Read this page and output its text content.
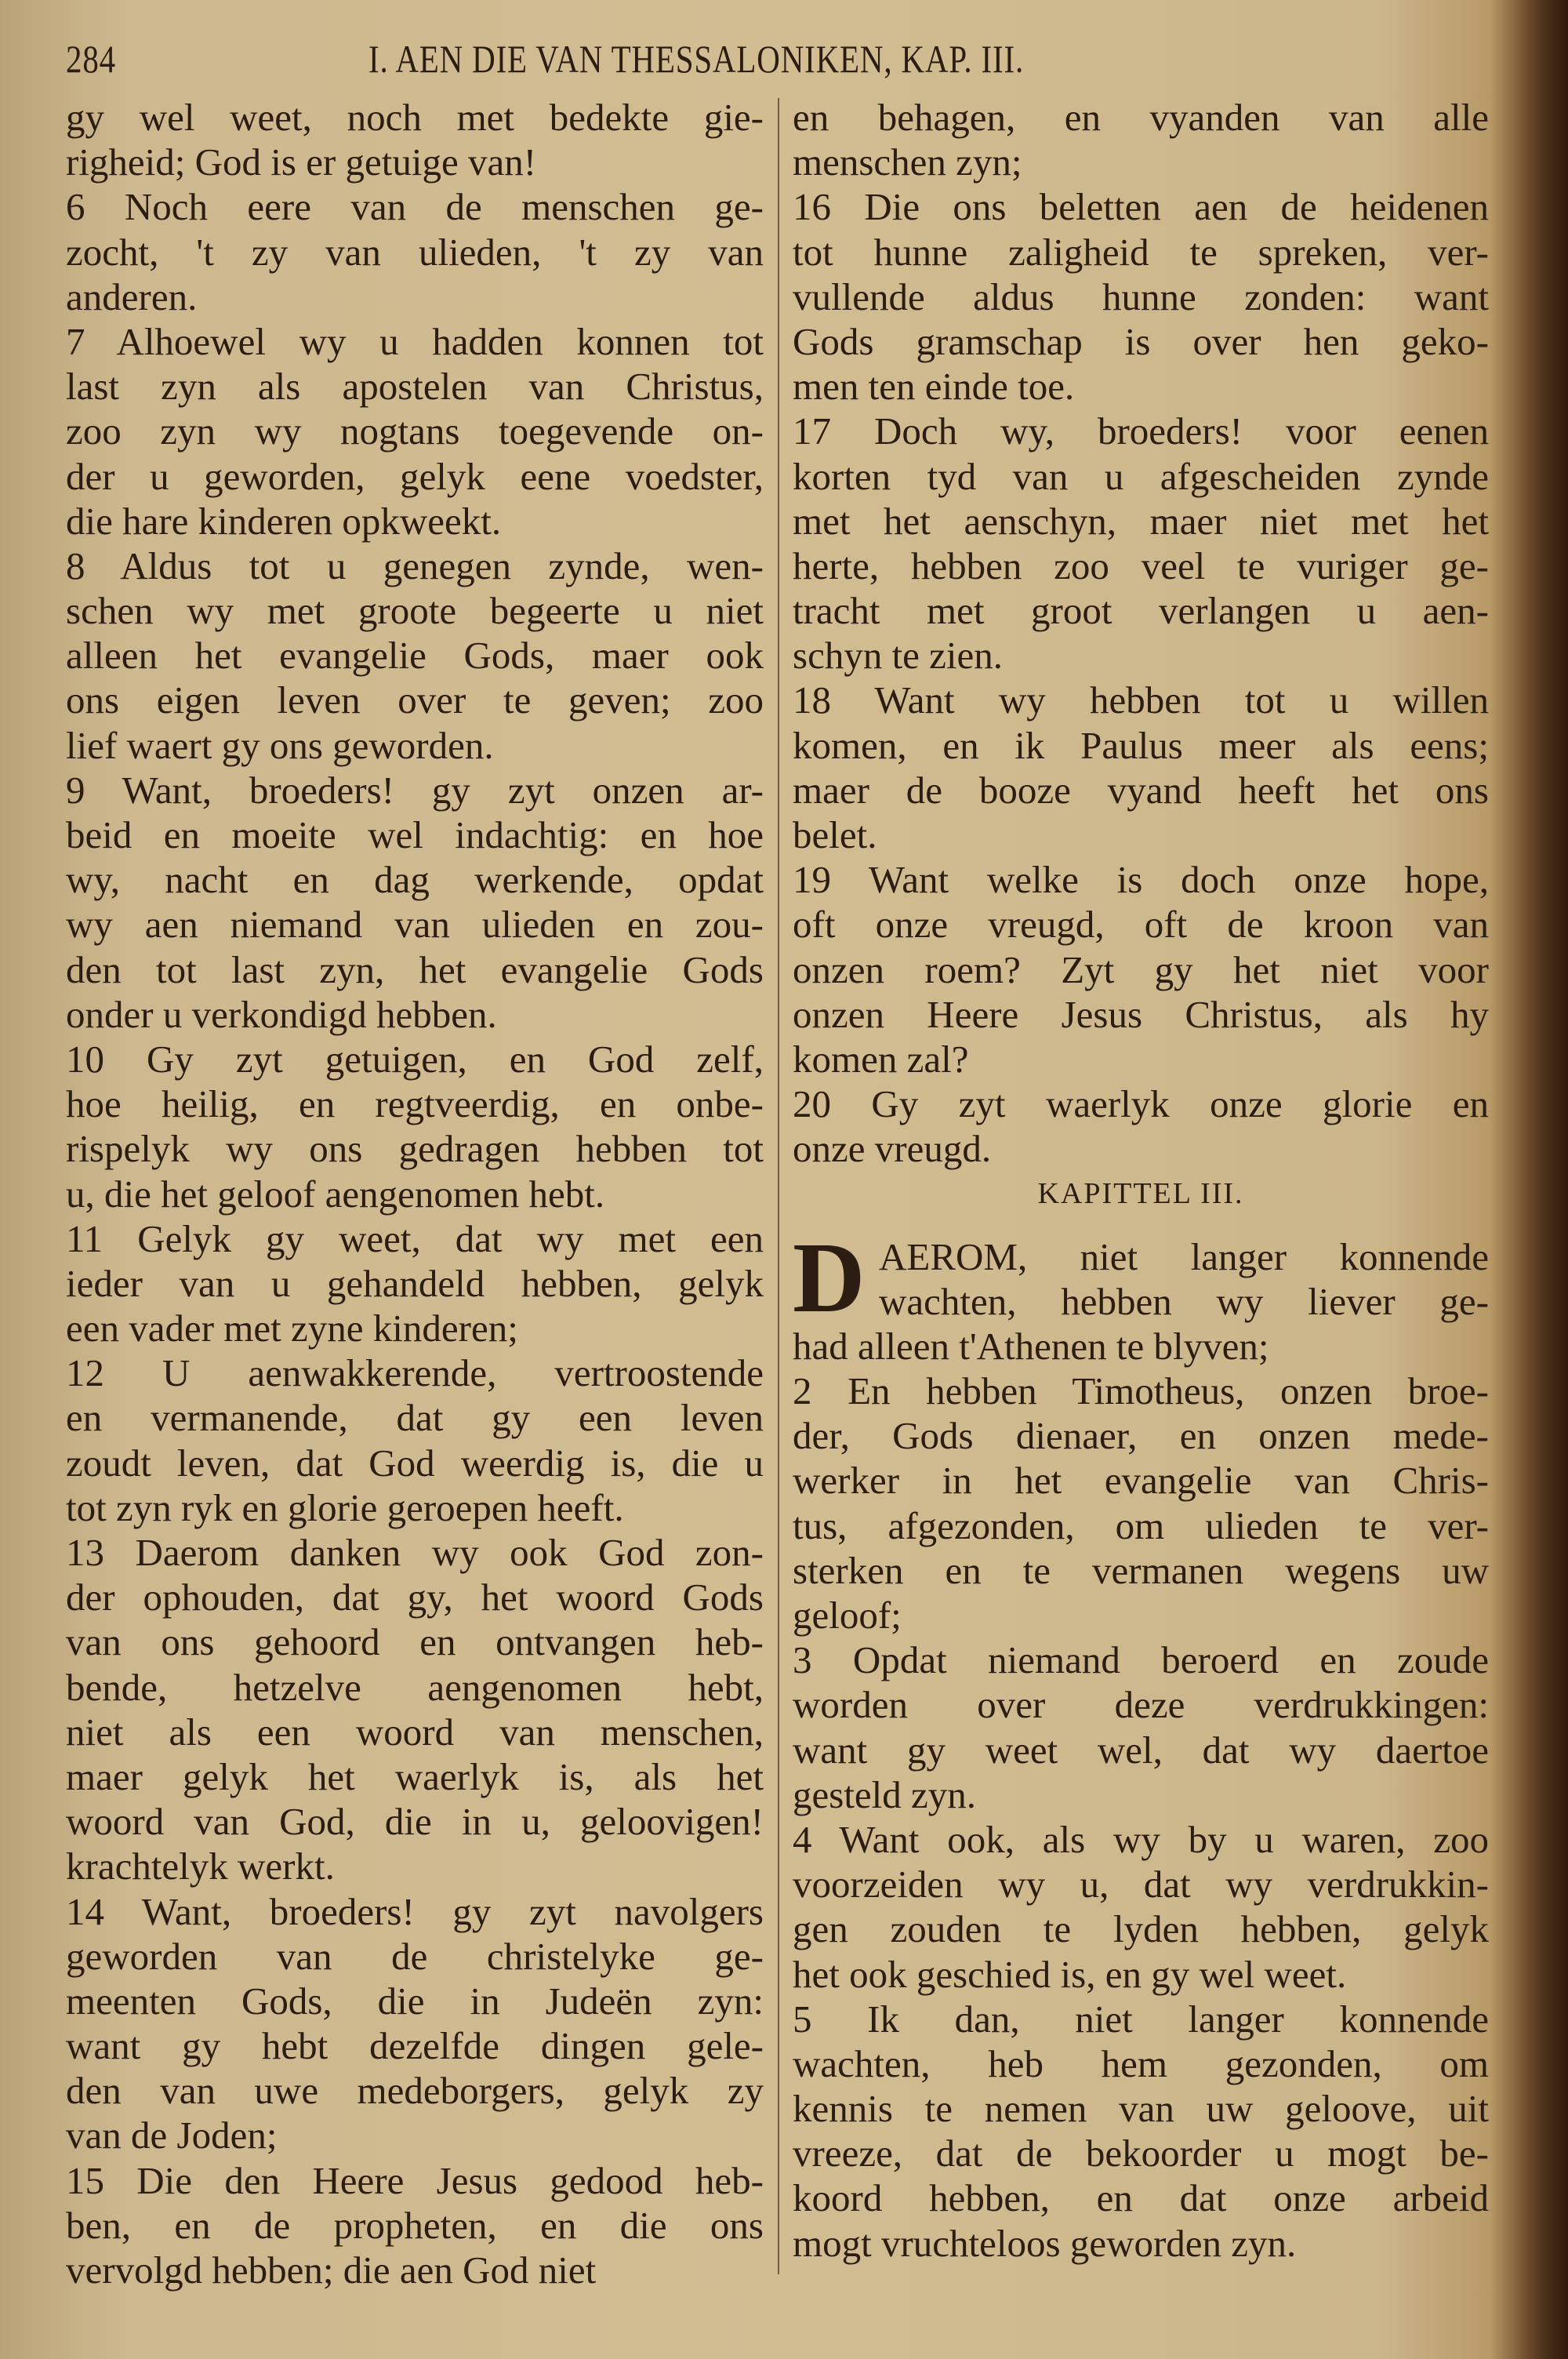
284	I. AEN DIE VAN THESSALONIKEN, KAP. III.
gy wel weet, noch met bedekte gie-
righeid; God is er getuige van!
6 Noch eere van de menschen ge-
zocht, 't zy van ulieden, 't zy van
anderen.
7 Alhoewel wy u hadden konnen tot
last zyn als apostelen van Christus,
zoo zyn wy nogtans toegevende on-
der u geworden, gelyk eene voedster,
die hare kinderen opkweekt.
8 Aldus tot u genegen zynde, wen-
schen wy met groote begeerte u niet
alleen het evangelie Gods, maer ook
ons eigen leven over te geven; zoo
lief waert gy ons geworden.
9 Want, broeders! gy zyt onzen ar-
beid en moeite wel indachtig: en hoe
wy, nacht en dag werkende, opdat
wy aen niemand van ulieden en zou-
den tot last zyn, het evangelie Gods
onder u verkondigd hebben.
10 Gy zyt getuigen, en God zelf,
hoe heilig, en regtveerdig, en onbe-
rispelyk wy ons gedragen hebben tot
u, die het geloof aengenomen hebt.
11 Gelyk gy weet, dat wy met een
ieder van u gehandeld hebben, gelyk
een vader met zyne kinderen;
12 U aenwakkerende, vertroostende
en vermanende, dat gy een leven
zoudt leven, dat God weerdig is, die u
tot zyn ryk en glorie geroepen heeft.
13 Daerom danken wy ook God zon-
der ophouden, dat gy, het woord Gods
van ons gehoord en ontvangen heb-
bende, hetzelve aengenomen hebt,
niet als een woord van menschen,
maer gelyk het waerlyk is, als het
woord van God, die in u, geloovigen!
krachtelyk werkt.
14 Want, broeders! gy zyt navolgers
geworden van de christelyke ge-
meenten Gods, die in Judeën zyn:
want gy hebt dezelfde dingen gele-
den van uwe medeborgers, gelyk zy
van de Joden;
15 Die den Heere Jesus gedood heb-
ben, en de propheten, en die ons
vervolgd hebben; die aen God niet
en behagen, en vyanden van alle
menschen zyn;
16 Die ons beletten aen de heidenen
tot hunne zaligheid te spreken, ver-
vullende aldus hunne zonden: want
Gods gramschap is over hen geko-
men ten einde toe.
17 Doch wy, broeders! voor eenen
korten tyd van u afgescheiden zynde
met het aenschyn, maer niet met het
herte, hebben zoo veel te vuriger ge-
tracht met groot verlangen u aen-
schyn te zien.
18 Want wy hebben tot u willen
komen, en ik Paulus meer als eens;
maer de booze vyand heeft het ons
belet.
19 Want welke is doch onze hope,
oft onze vreugd, oft de kroon van
onzen roem? Zyt gy het niet voor
onzen Heere Jesus Christus, als hy
komen zal?
20 Gy zyt waerlyk onze glorie en
onze vreugd.
KAPITTEL III.
D AEROM, niet langer konnende
wachten, hebben wy liever ge-
had alleen t'Athenen te blyven;
2 En hebben Timotheus, onzen broe-
der, Gods dienaer, en onzen mede-
werker in het evangelie van Chris-
tus, afgezonden, om ulieden te ver-
sterken en te vermanen wegens uw
geloof;
3 Opdat niemand beroerd en zoude
worden over deze verdrukkingen:
want gy weet wel, dat wy daertoe
gesteld zyn.
4 Want ook, als wy by u waren, zoo
voorzeiden wy u, dat wy verdrukkin-
gen zouden te lyden hebben, gelyk
het ook geschied is, en gy wel weet.
5 Ik dan, niet langer konnende
wachten, heb hem gezonden, om
kennis te nemen van uw geloove, uit
vreeze, dat de bekoorder u mogt be-
koord hebben, en dat onze arbeid
mogt vruchteloos geworden zyn.
